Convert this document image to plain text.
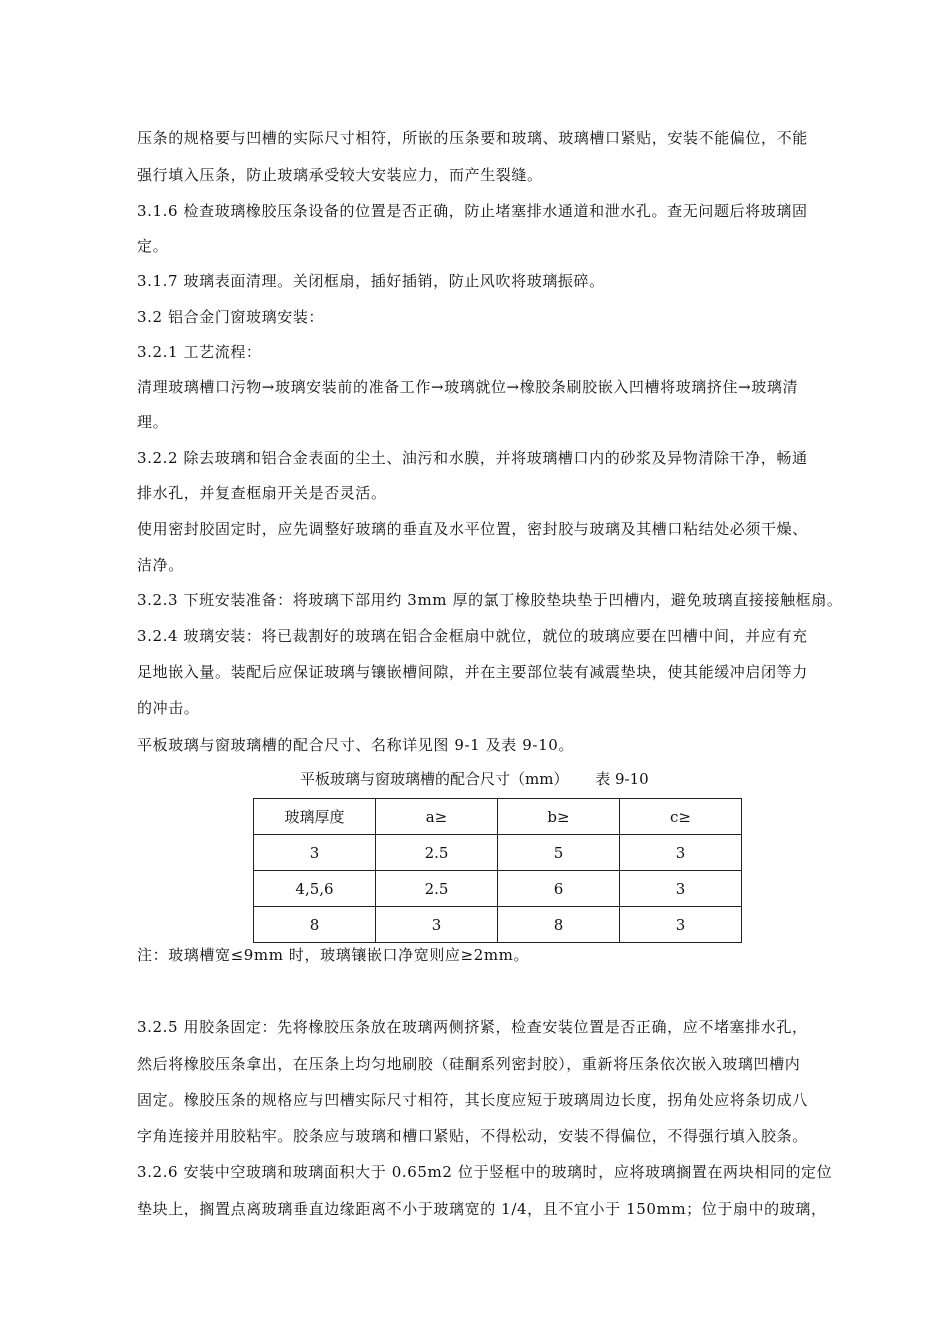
压条的规格要与凹槽的实际尺寸相符，所嵌的压条要和玻璃、玻璃槽口紧贴，安装不能偏位，不能
强行填入压条，防止玻璃承受较大安装应力，而产生裂缝。
3.1.6 检查玻璃橡胶压条设备的位置是否正确，防止堵塞排水通道和泄水孔。查无问题后将玻璃固
定。
3.1.7 玻璃表面清理。关闭框扇，插好插销，防止风吹将玻璃振碎。
3.2 铝合金门窗玻璃安装：
3.2.1 工艺流程：
清理玻璃槽口污物→玻璃安装前的准备工作→玻璃就位→橡胶条刷胶嵌入凹槽将玻璃挤住→玻璃清
理。
3.2.2 除去玻璃和铝合金表面的尘土、油污和水膜，并将玻璃槽口内的砂浆及异物清除干净，畅通
排水孔，并复查框扇开关是否灵活。
使用密封胶固定时，应先调整好玻璃的垂直及水平位置，密封胶与玻璃及其槽口粘结处必须干燥、
洁净。
3.2.3 下班安装准备：将玻璃下部用约 3mm 厚的氯丁橡胶垫块垫于凹槽内，避免玻璃直接接触框扇。
3.2.4 玻璃安装：将已裁割好的玻璃在铝合金框扇中就位，就位的玻璃应要在凹槽中间，并应有充
足地嵌入量。装配后应保证玻璃与镶嵌槽间隙，并在主要部位装有减震垫块，使其能缓冲启闭等力
的冲击。
平板玻璃与窗玻璃槽的配合尺寸、名称详见图 9-1 及表 9-10。
平板玻璃与窗玻璃槽的配合尺寸（mm） 表 9-10
玻璃厚度	a≥	b≥	c≥
3	2.5	5	3
4,5,6	2.5	6	3
8	3	8	3
注：玻璃槽宽≤9mm 时，玻璃镶嵌口净宽则应≥2mm。
3.2.5 用胶条固定：先将橡胶压条放在玻璃两侧挤紧，检查安装位置是否正确，应不堵塞排水孔，
然后将橡胶压条拿出，在压条上均匀地刷胶（硅酮系列密封胶），重新将压条依次嵌入玻璃凹槽内
固定。橡胶压条的规格应与凹槽实际尺寸相符，其长度应短于玻璃周边长度，拐角处应将条切成八
字角连接并用胶粘牢。胶条应与玻璃和槽口紧贴，不得松动，安装不得偏位，不得强行填入胶条。
3.2.6 安装中空玻璃和玻璃面积大于 0.65m2 位于竖框中的玻璃时，应将玻璃搁置在两块相同的定位
垫块上，搁置点离玻璃垂直边缘距离不小于玻璃宽的 1/4，且不宜小于 150mm；位于扇中的玻璃，
